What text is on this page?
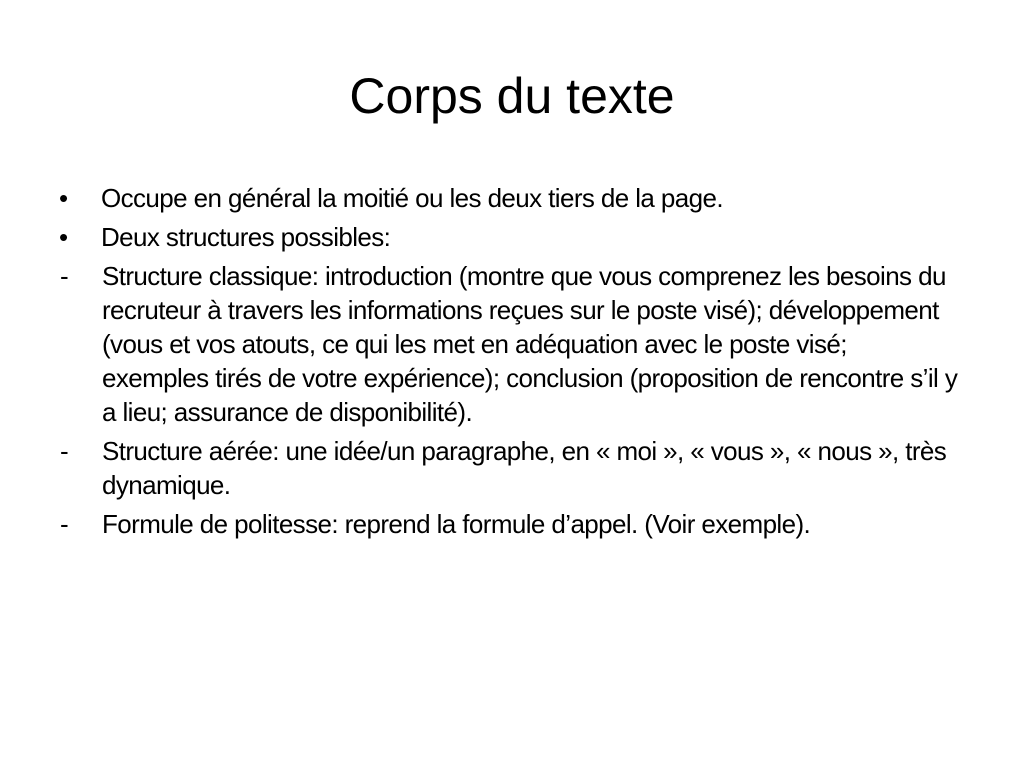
Corps du texte
•	Occupe en général la moitié ou les deux tiers de la page.
•	Deux structures possibles:
-	Structure classique: introduction (montre que vous comprenez les besoins du recruteur à travers les informations reçues sur le poste visé); développement (vous et vos atouts, ce qui les met en adéquation avec le poste visé; exemples tirés de votre expérience); conclusion (proposition de rencontre s’il y a lieu; assurance de disponibilité).
-	Structure aérée: une idée/un paragraphe, en « moi », « vous », « nous », très dynamique.
-	Formule de politesse: reprend la formule d’appel. (Voir exemple).
